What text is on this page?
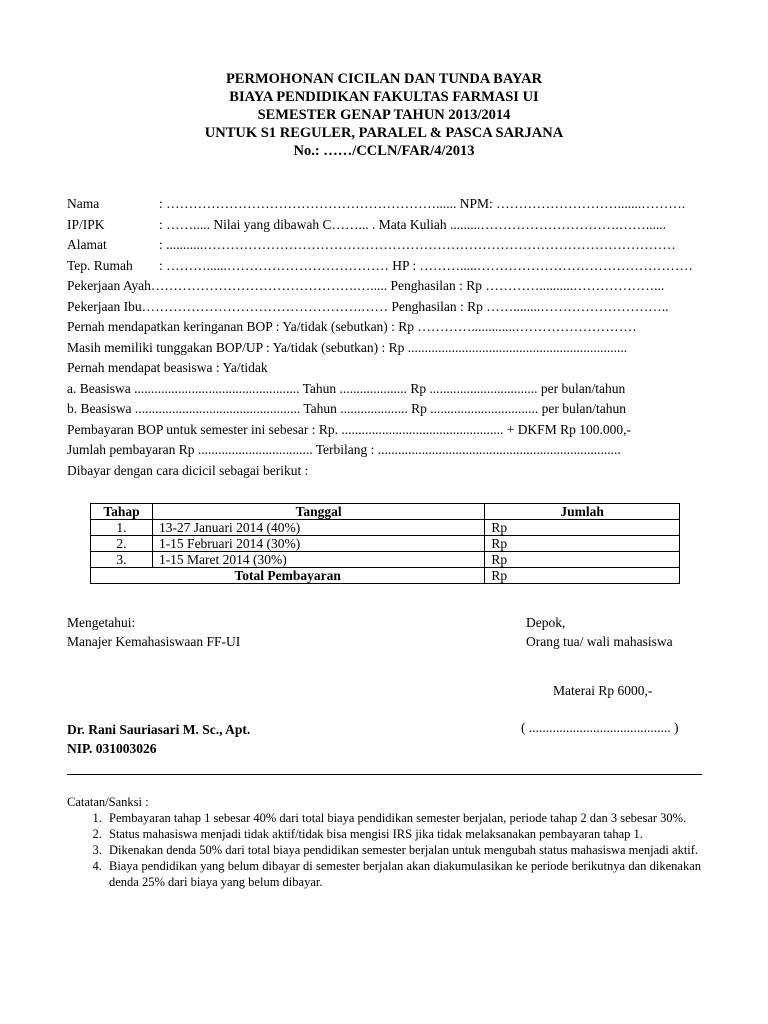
PERMOHONAN CICILAN DAN TUNDA BAYAR
BIAYA PENDIDIKAN FAKULTAS FARMASI UI
SEMESTER GENAP TAHUN 2013/2014
UNTUK S1 REGULER, PARALEL & PASCA SARJANA
No.: ……/CCLN/FAR/4/2013
Nama	: ……………………………………………………...... NPM: ……………………….......……….
IP/IPK	: ……..... Nilai yang dibawah C……... . Mata Kuliah .........………………………….……......
Alamat	: ...........……………………………………………………………………………………………
Tep. Rumah : ………......……………………………… HP : ……….....…………………………………………
Pekerjaan Ayah……………………………………….…..... Penghasilan : Rp …………..........………………...
Pekerjaan Ibu………………………………………….…… Penghasilan : Rp ……........………………………..
Pernah mendapatkan keringanan BOP : Ya/tidak (sebutkan) : Rp ………….............………………………
Masih memiliki tunggakan BOP/UP : Ya/tidak (sebutkan) : Rp .................................................................
Pernah mendapat beasiswa : Ya/tidak
a. Beasiswa ................................................. Tahun .................... Rp ................................ per bulan/tahun
b. Beasiswa ................................................. Tahun .................... Rp ................................ per bulan/tahun
Pembayaran BOP untuk semester ini sebesar : Rp. ................................................ + DKFM Rp 100.000,-
Jumlah pembayaran Rp .................................. Terbilang : ........................................................................
Dibayar dengan cara dicicil sebagai berikut :
Tahap	Tanggal	Jumlah
1.	13-27 Januari 2014 (40%)	Rp
2.	1-15 Februari 2014 (30%)	Rp
3.	1-15 Maret 2014 (30%)	Rp
Total Pembayaran		Rp
Mengetahui:
Manajer Kemahasiswaan FF-UI
Depok,
Orang tua/ wali mahasiswa
Materai Rp 6000,-
Dr. Rani Sauriasari M. Sc., Apt.
NIP. 031003026
( .......................................... )
Catatan/Sanksi :
1. Pembayaran tahap 1 sebesar 40% dari total biaya pendidikan semester berjalan, periode tahap 2 dan 3 sebesar 30%.
2. Status mahasiswa menjadi tidak aktif/tidak bisa mengisi IRS jika tidak melaksanakan pembayaran tahap 1.
3. Dikenakan denda 50% dari total biaya pendidikan semester berjalan untuk mengubah status mahasiswa menjadi aktif.
4. Biaya pendidikan yang belum dibayar di semester berjalan akan diakumulasikan ke periode berikutnya dan dikenakan denda 25% dari biaya yang belum dibayar.
